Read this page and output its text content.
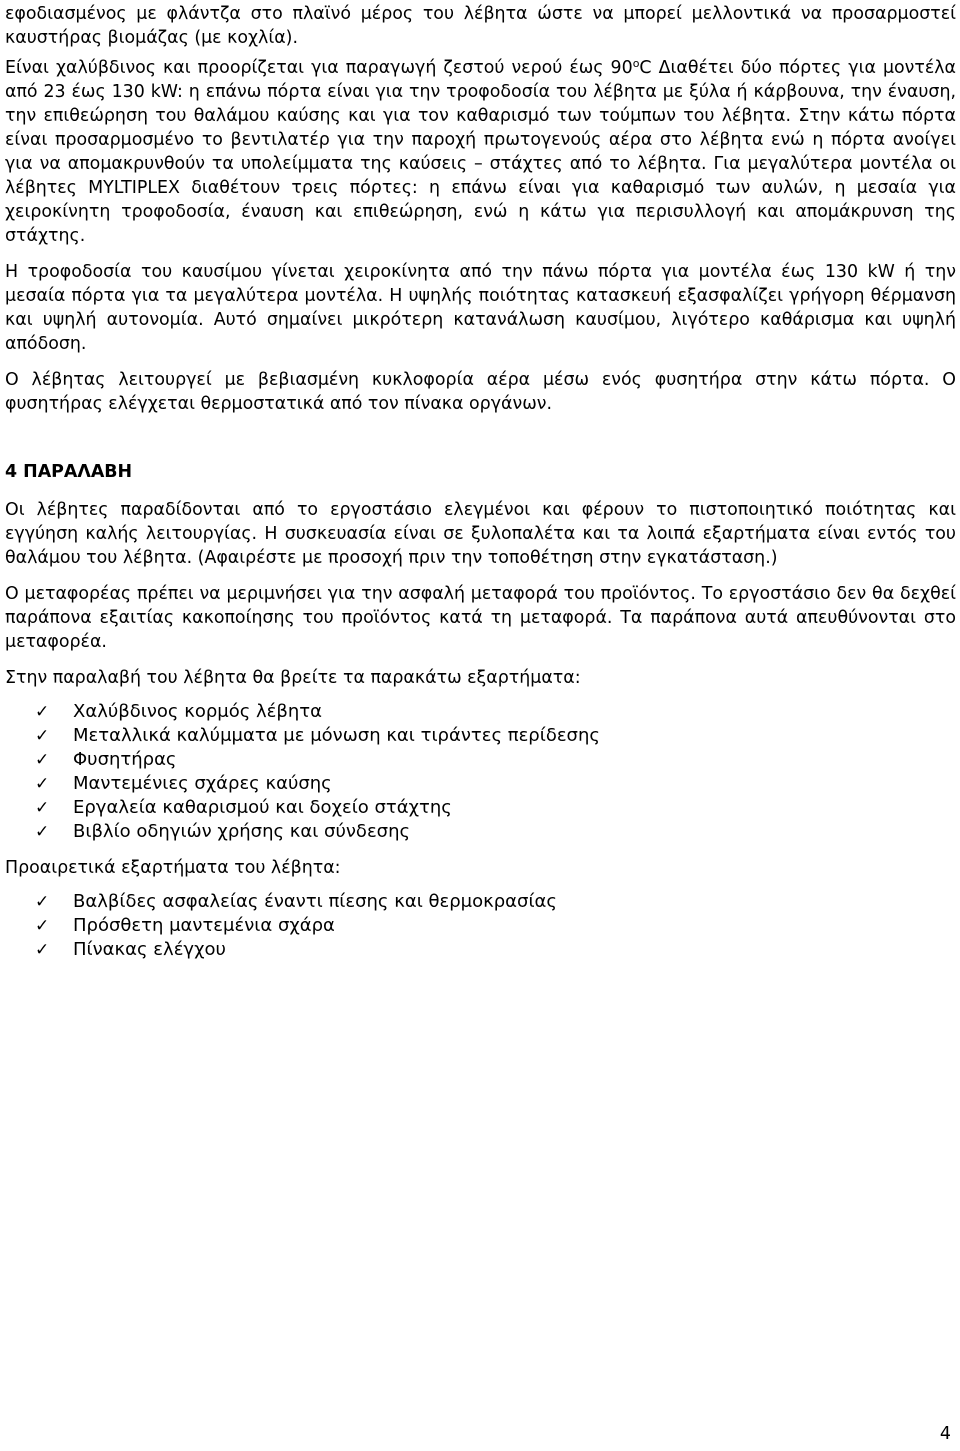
εφοδιασμένος με φλάντζα στο πλαϊνό μέρος του λέβητα ώστε να μπορεί μελλοντικά να προσαρμοστεί καυστήρας βιομάζας (με κοχλία).

Είναι χαλύβδινος και προορίζεται για παραγωγή ζεστού νερού έως $90^oC$ Διαθέτει δύο πόρτες για μοντέλα από 23 έως 130 kW: η επάνω πόρτα είναι για την τροφοδοσία του λέβητα με ξύλα ή κάρβουνα, την έναυση, την επιθεώρηση του θαλάμου καύσης και για τον καθαρισμό των τούμπων του λέβητα. Στην κάτω πόρτα είναι προσαρμοσμένο το βεντιλατέρ για την παροχή πρωτογενούς αέρα στο λέβητα ενώ η πόρτα ανοίγει για να απομακρυνθούν τα υπολείμματα της καύσεις – στάχτες από το λέβητα. Για μεγαλύτερα μοντέλα οι λέβητες MYLTIPLEX διαθέτουν τρεις πόρτες: η επάνω είναι για καθαρισμό των αυλών, η μεσαία για χειροκίνητη τροφοδοσία, έναυση και επιθεώρηση, ενώ η κάτω για περισυλλογή και απομάκρυνση της στάχτης.

Η τροφοδοσία του καυσίμου γίνεται χειροκίνητα από την πάνω πόρτα για μοντέλα έως 130 kW ή την μεσαία πόρτα για τα μεγαλύτερα μοντέλα. Η υψηλής ποιότητας κατασκευή εξασφαλίζει γρήγορη θέρμανση και υψηλή αυτονομία. Αυτό σημαίνει μικρότερη κατανάλωση καυσίμου, λιγότερο καθάρισμα και υψηλή απόδοση.

Ο λέβητας λειτουργεί με βεβιασμένη κυκλοφορία αέρα μέσω ενός φυσητήρα στην κάτω πόρτα. Ο φυσητήρας ελέγχεται θερμοστατικά από τον πίνακα οργάνων.

4 ΠΑΡΑΛΑΒΗ

Οι λέβητες παραδίδονται από το εργοστάσιο ελεγμένοι και φέρουν το πιστοποιητικό ποιότητας και εγγύηση καλής λειτουργίας. Η συσκευασία είναι σε ξυλοπαλέτα και τα λοιπά εξαρτήματα είναι εντός του θαλάμου του λέβητα. (Αφαιρέστε με προσοχή πριν την τοποθέτηση στην εγκατάσταση.)

Ο μεταφορέας πρέπει να μεριμνήσει για την ασφαλή μεταφορά του προϊόντος. Το εργοστάσιο δεν θα δεχθεί παράπονα εξαιτίας κακοποίησης του προϊόντος κατά τη μεταφορά. Τα παράπονα αυτά απευθύνονται στο μεταφορέα.

Στην παραλαβή του λέβητα θα βρείτε τα παρακάτω εξαρτήματα:

✓ Χαλύβδινος κορμός λέβητα
✓ Μεταλλικά καλύμματα με μόνωση και τιράντες περίδεσης
✓ Φυσητήρας
✓ Μαντεμένιες σχάρες καύσης
✓ Εργαλεία καθαρισμού και δοχείο στάχτης
✓ Βιβλίο οδηγιών χρήσης και σύνδεσης

Προαιρετικά εξαρτήματα του λέβητα:

✓ Βαλβίδες ασφαλείας έναντι πίεσης και θερμοκρασίας
✓ Πρόσθετη μαντεμένια σχάρα
✓ Πίνακας ελέγχου
4
